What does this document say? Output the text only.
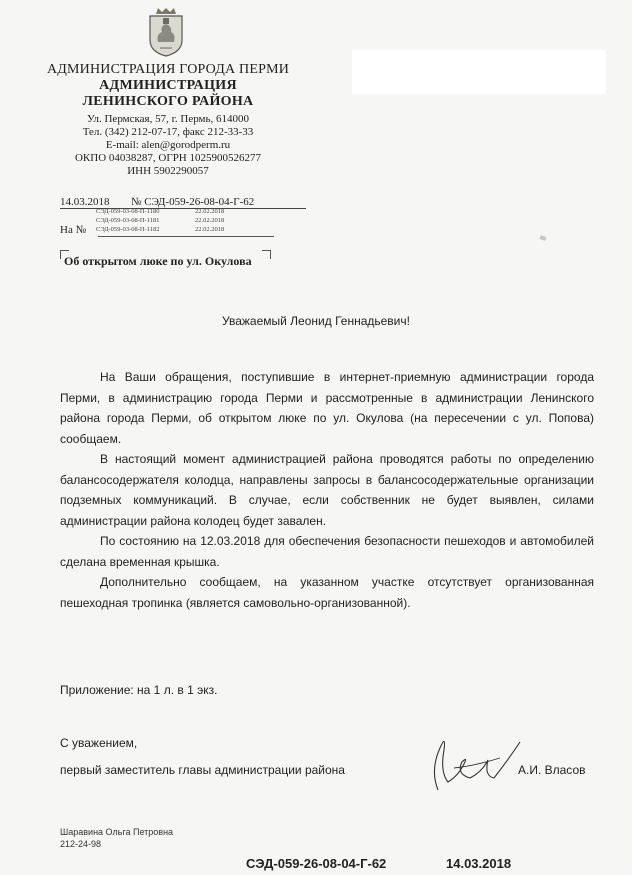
АДМИНИСТРАЦИЯ ГОРОДА ПЕРМИ
АДМИНИСТРАЦИЯ
ЛЕНИНСКОГО РАЙОНА
Ул. Пермская, 57, г. Пермь, 614000
Тел. (342) 212-07-17, факс 212-33-33
E-mail: alen@gorodperm.ru
ОКПО 04038287, ОГРН 1025900526277
ИНН 5902290057
14.03.2018 № СЭД-059-26-08-04-Г-62
СЭД-059-03-08-П-1180	22.02.2018
СЭД-059-03-08-П-1181	22.02.2018
СЭД-059-03-08-П-1182	22.02.2018
На №
Об открытом люке по ул. Окулова
Уважаемый Леонид Геннадьевич!

На Ваши обращения, поступившие в интернет-приемную администрации города Перми, в администрацию города Перми и рассмотренные в администрации Ленинского района города Перми, об открытом люке по ул. Окулова (на пересечении с ул. Попова) сообщаем.

В настоящий момент администрацией района проводятся работы по определению балансосодержателя колодца, направлены запросы в балансосодержательные организации подземных коммуникаций. В случае, если собственник не будет выявлен, силами администрации района колодец будет завален.

По состоянию на 12.03.2018 для обеспечения безопасности пешеходов и автомобилей сделана временная крышка.

Дополнительно сообщаем, на указанном участке отсутствует организованная пешеходная тропинка (является самовольно-организованной).

Приложение: на 1 л. в 1 экз.
С уважением,
первый заместитель главы администрации района	А.И. Власов
Шаравина Ольга Петровна
212-24-98
СЭД-059-26-08-04-Г-62	14.03.2018
